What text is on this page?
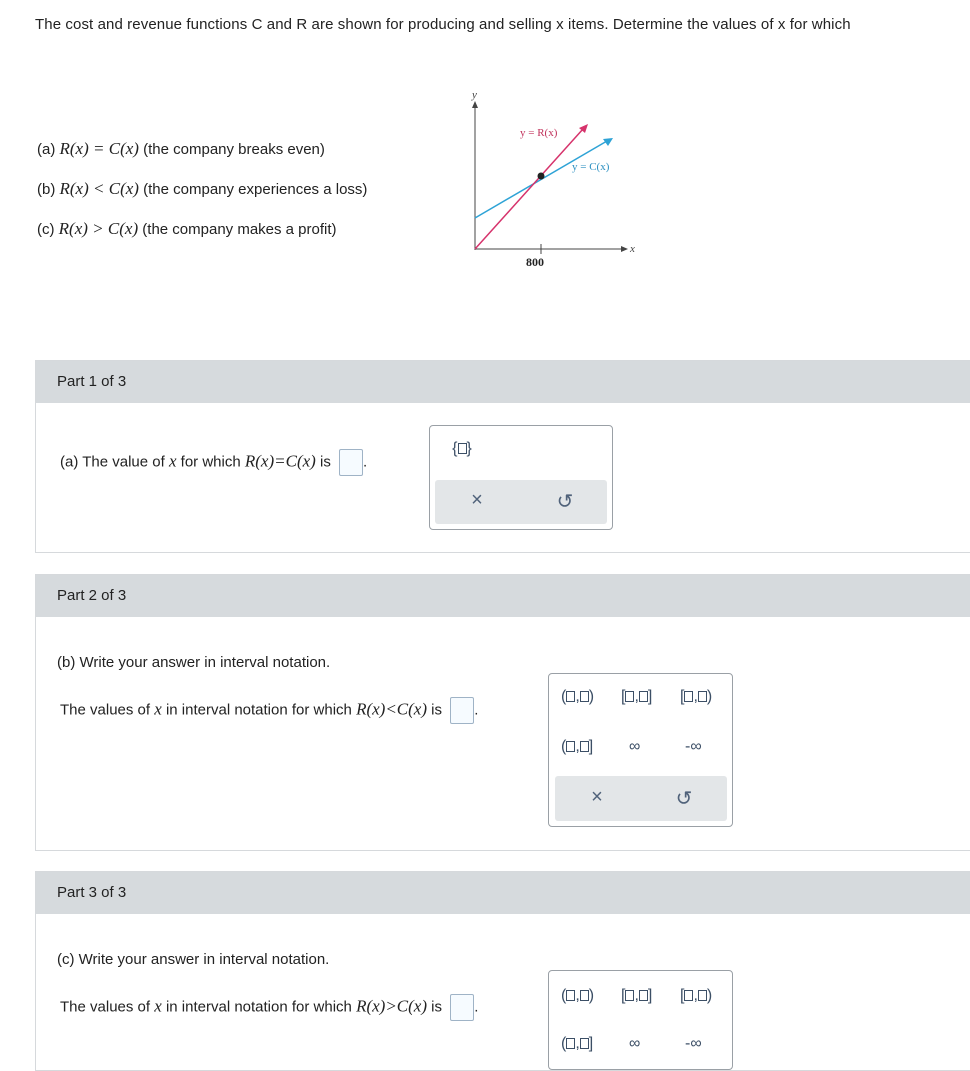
The cost and revenue functions C and R are shown for producing and selling x items. Determine the values of x for which
(a) R(x) = C(x) (the company breaks even)
(b) R(x) < C(x) (the company experiences a loss)
(c) R(x) > C(x) (the company makes a profit)
y
x
800
y = R(x)
y = C(x)
Part 1 of 3
(a) The value of x for which R(x)=C(x) is .
{ }
×	↺
Part 2 of 3
(b) Write your answer in interval notation.
The values of x in interval notation for which R(x)<C(x) is .
( , ) [ , ] [ , )
( , ] ∞	-∞
×	↺
Part 3 of 3
(c) Write your answer in interval notation.
The values of x in interval notation for which R(x)>C(x) is .
( , ) [ , ] [ , )
( , ] ∞	-∞
